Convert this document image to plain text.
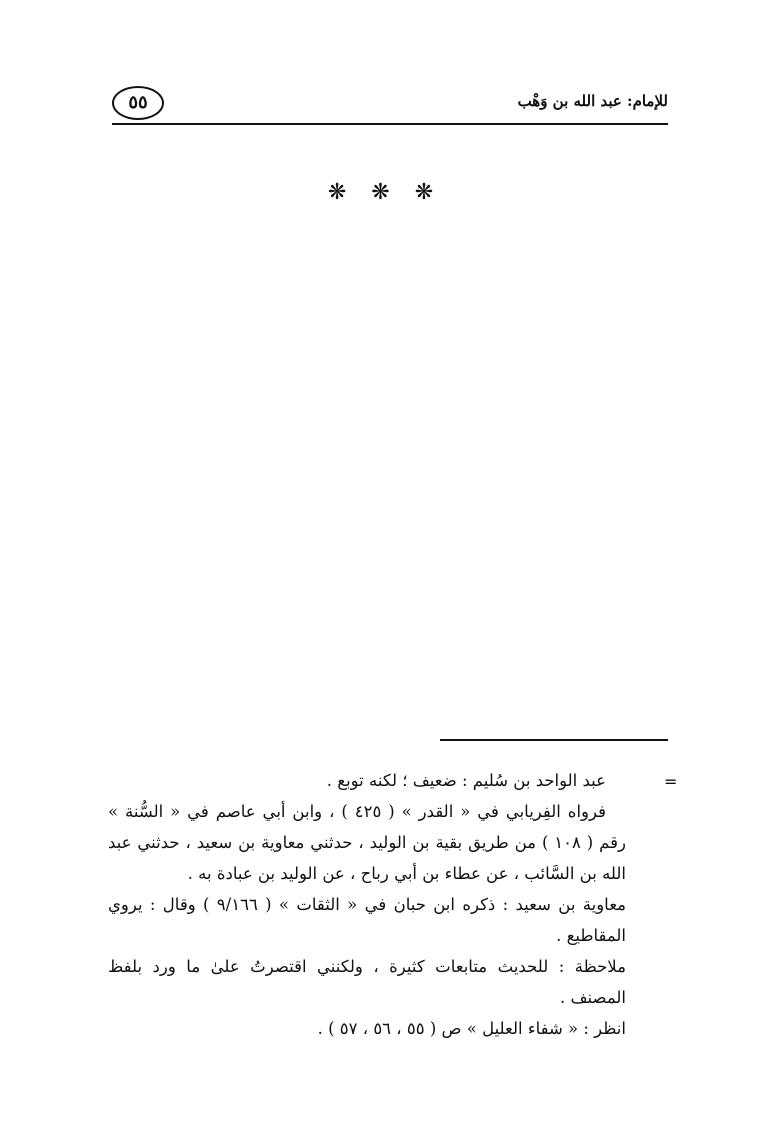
للإمام: عبد الله بن وَهْب
٥٥
❋ ❋ ❋
=

عبد الواحد بن سُليم : ضعيف ؛ لكنه توبع .

فرواه الفِريابي في « القدر » ( ٤٢٥ ) ، وابن أبي عاصم في « السُّنة » رقم ( ١٠٨ ) من طريق بقية بن الوليد ، حدثني معاوية بن سعيد ، حدثني عبد الله بن السَّائب ، عن عطاء بن أبي رباح ، عن الوليد بن عبادة به .

معاوية بن سعيد : ذكره ابن حبان في « الثقات » ( ٩/١٦٦ ) وقال : يروي المقاطيع .

ملاحظة : للحديث متابعات كثيرة ، ولكنني اقتصرتُ علىٰ ما ورد بلفظ المصنف .

انظر : « شفاء العليل » ص ( ٥٥ ، ٥٦ ، ٥٧ ) .
